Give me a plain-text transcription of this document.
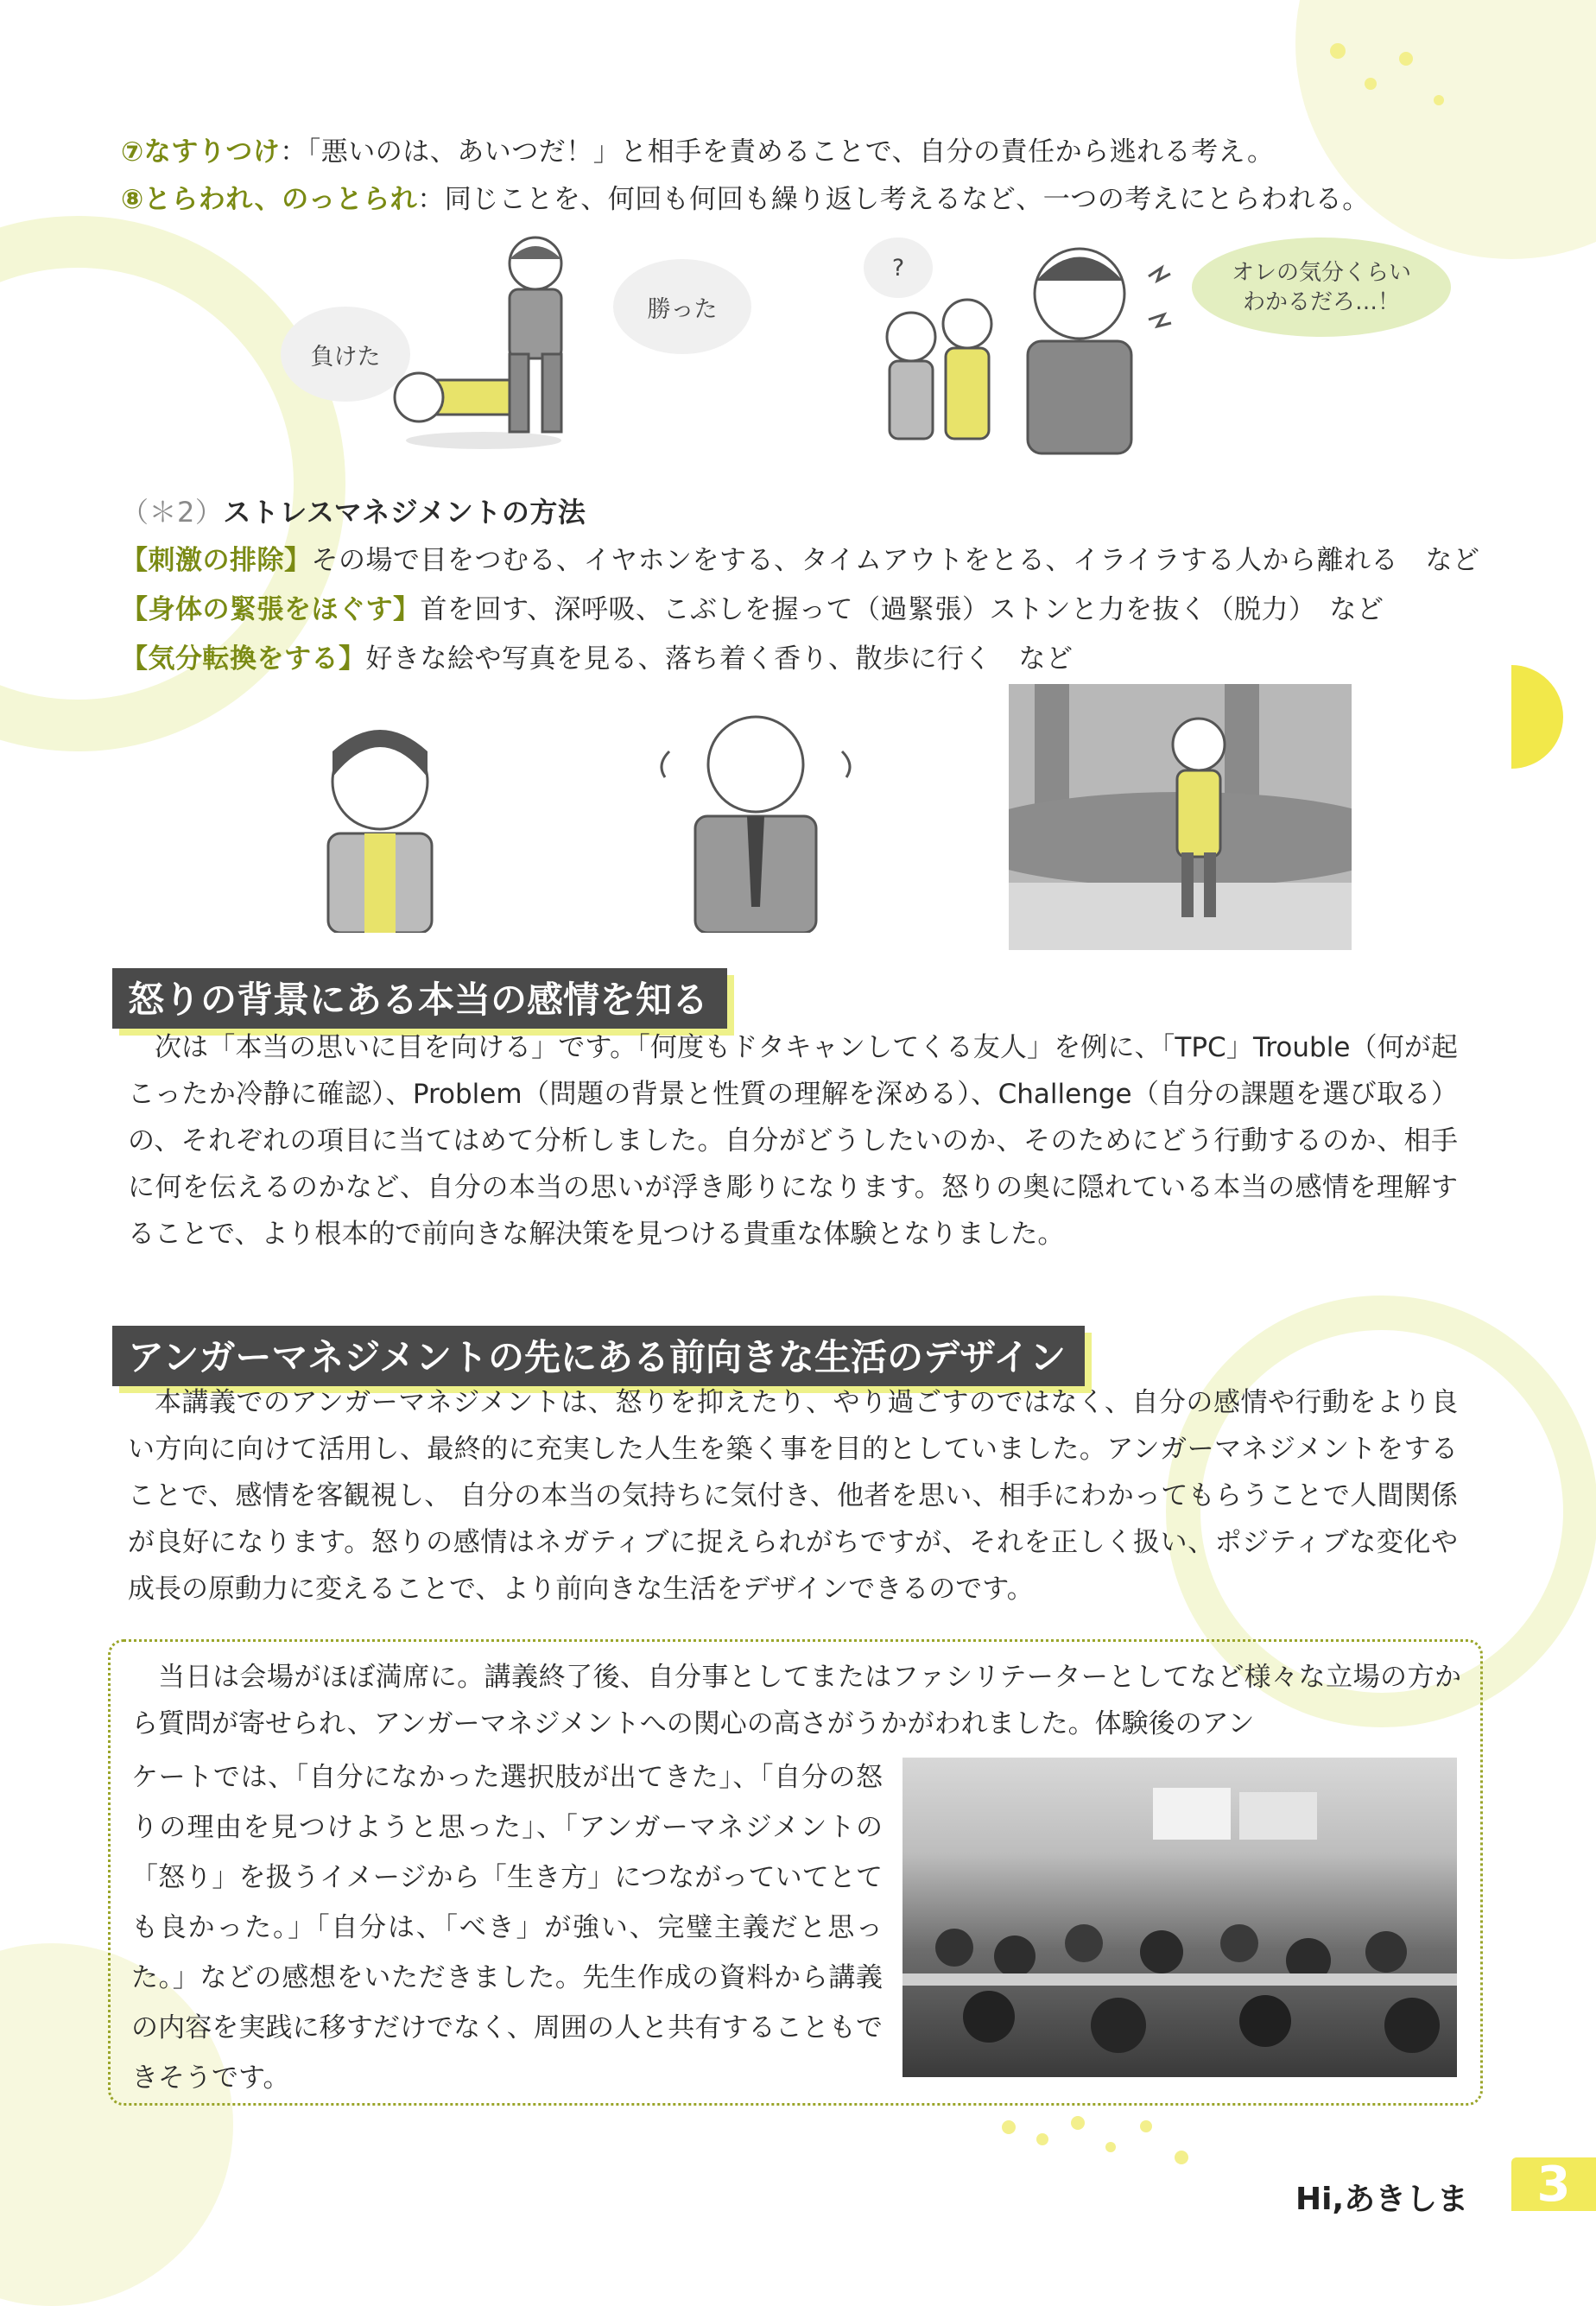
⑦なすりつけ：「悪いのは、あいつだ！」と相手を責めることで、自分の責任から逃れる考え。
⑧とらわれ、のっとられ：同じことを、何回も何回も繰り返し考えるなど、一つの考えにとらわれる。
負けた
勝った
?	オレの気分くらい
わかるだろ…！
（＊2）ストレスマネジメントの方法
【刺激の排除】その場で目をつむる、イヤホンをする、タイムアウトをとる、イライラする人から離れる　など
【身体の緊張をほぐす】首を回す、深呼吸、こぶしを握って（過緊張）ストンと力を抜く（脱力）　など
【気分転換をする】好きな絵や写真を見る、落ち着く香り、散歩に行く　など
怒りの背景にある本当の感情を知る

次は「本当の思いに目を向ける」です。「何度もドタキャンしてくる友人」を例に、「TPC」Trouble（何が起こったか冷静に確認）、Problem（問題の背景と性質の理解を深める）、Challenge（自分の課題を選び取る）の、それぞれの項目に当てはめて分析しました。自分がどうしたいのか、そのためにどう行動するのか、相手に何を伝えるのかなど、自分の本当の思いが浮き彫りになります。怒りの奥に隠れている本当の感情を理解することで、より根本的で前向きな解決策を見つける貴重な体験となりました。

アンガーマネジメントの先にある前向きな生活のデザイン

本講義でのアンガーマネジメントは、怒りを抑えたり、やり過ごすのではなく、自分の感情や行動をより良い方向に向けて活用し、最終的に充実した人生を築く事を目的としていました。アンガーマネジメントをすることで、感情を客観視し、 自分の本当の気持ちに気付き、他者を思い、相手にわかってもらうことで人間関係が良好になります。怒りの感情はネガティブに捉えられがちですが、それを正しく扱い、ポジティブな変化や成長の原動力に変えることで、より前向きな生活をデザインできるのです。

当日は会場がほぼ満席に。講義終了後、自分事としてまたはファシリテーターとしてなど様々な立場の方から質問が寄せられ、アンガーマネジメントへの関心の高さがうかがわれました。体験後のアン

ケートでは、「自分になかった選択肢が出てきた」、「自分の怒りの理由を見つけようと思った」、「アンガーマネジメントの「怒り」を扱うイメージから「生き方」につながっていてとても良かった。」「自分は、「べき」が強い、完璧主義だと思った。」などの感想をいただきました。先生作成の資料から講義の内容を実践に移すだけでなく、周囲の人と共有することもできそうです。

Hi,あきしま	3
